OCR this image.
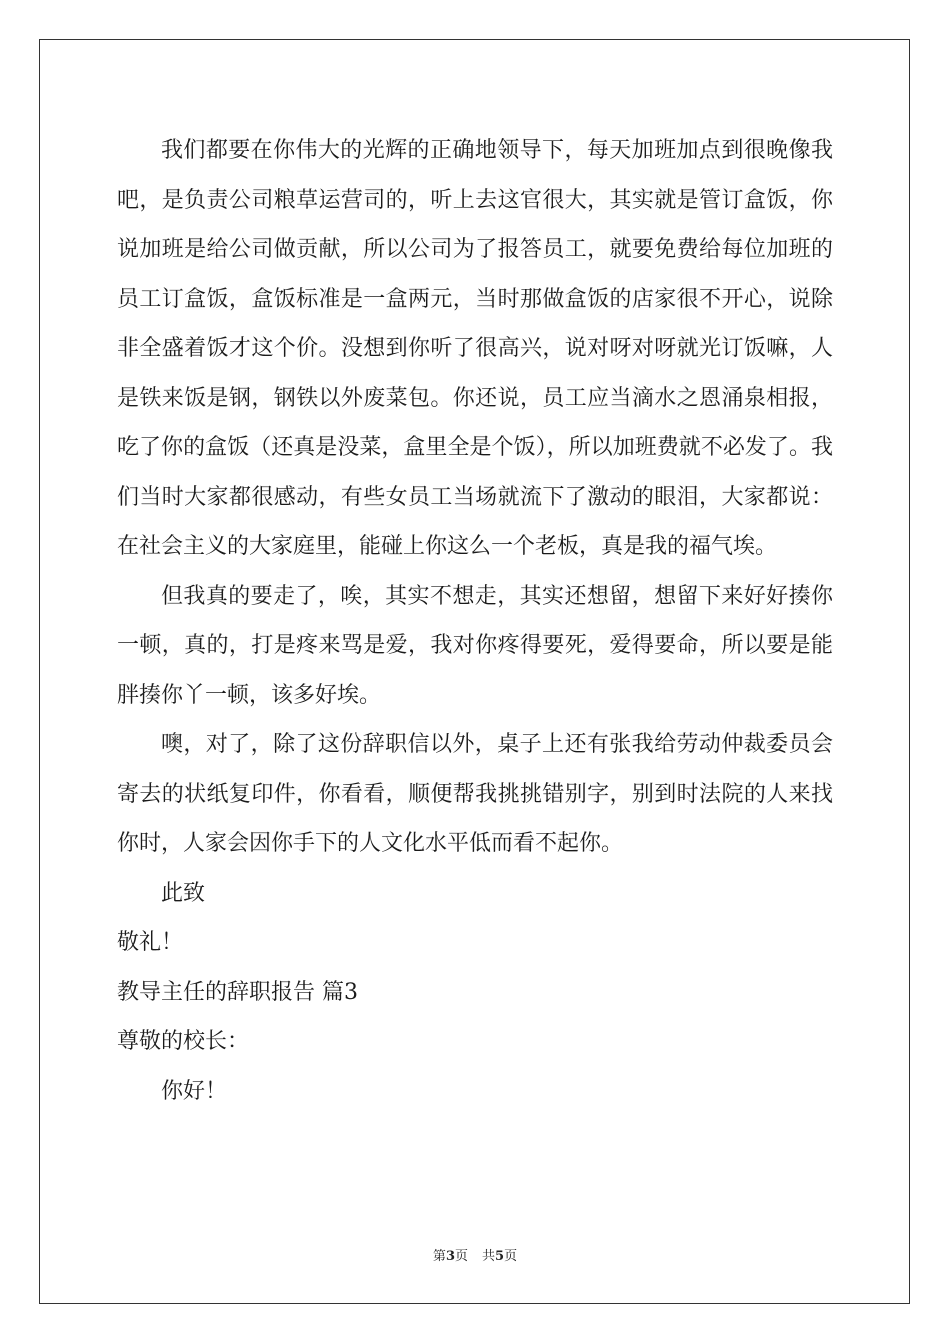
我们都要在你伟大的光辉的正确地领导下，每天加班加点到很晚像我吧，是负责公司粮草运营司的，听上去这官很大，其实就是管订盒饭，你说加班是给公司做贡献，所以公司为了报答员工，就要免费给每位加班的员工订盒饭，盒饭标准是一盒两元，当时那做盒饭的店家很不开心，说除非全盛着饭才这个价。没想到你听了很高兴，说对呀对呀就光订饭嘛，人是铁来饭是钢，钢铁以外废菜包。你还说，员工应当滴水之恩涌泉相报，吃了你的盒饭（还真是没菜，盒里全是个饭），所以加班费就不必发了。我们当时大家都很感动，有些女员工当场就流下了激动的眼泪，大家都说：在社会主义的大家庭里，能碰上你这么一个老板，真是我的福气埃。

但我真的要走了，唉，其实不想走，其实还想留，想留下来好好揍你一顿，真的，打是疼来骂是爱，我对你疼得要死，爱得要命，所以要是能胖揍你丫一顿，该多好埃。

噢，对了，除了这份辞职信以外，桌子上还有张我给劳动仲裁委员会寄去的状纸复印件，你看看，顺便帮我挑挑错别字，别到时法院的人来找你时，人家会因你手下的人文化水平低而看不起你。

此致

敬礼！

教导主任的辞职报告 篇3

尊敬的校长：

你好！

第3页 共5页
